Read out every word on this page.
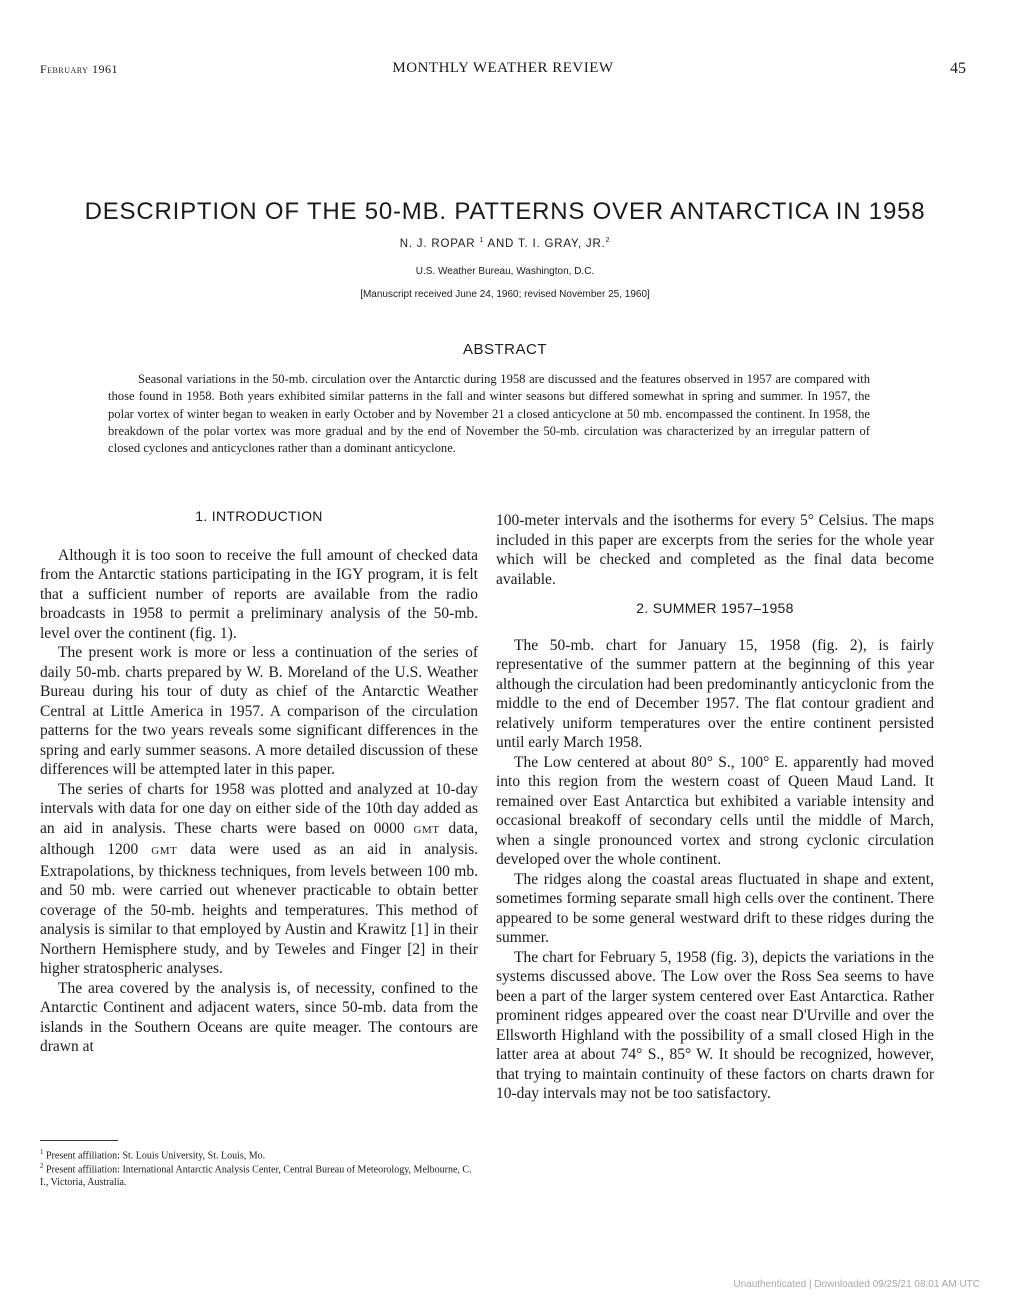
February 1961	MONTHLY WEATHER REVIEW	45
DESCRIPTION OF THE 50-MB. PATTERNS OVER ANTARCTICA IN 1958
N. J. ROPAR $^1$ AND T. I. GRAY, JR.$^2$
U.S. Weather Bureau, Washington, D.C.
[Manuscript received June 24, 1960; revised November 25, 1960]
ABSTRACT
Seasonal variations in the 50-mb. circulation over the Antarctic during 1958 are discussed and the features observed in 1957 are compared with those found in 1958. Both years exhibited similar patterns in the fall and winter seasons but differed somewhat in spring and summer. In 1957, the polar vortex of winter began to weaken in early October and by November 21 a closed anticyclone at 50 mb. encompassed the continent. In 1958, the breakdown of the polar vortex was more gradual and by the end of November the 50-mb. circulation was characterized by an irregular pattern of closed cyclones and anticyclones rather than a dominant anticyclone.
1. INTRODUCTION

Although it is too soon to receive the full amount of checked data from the Antarctic stations participating in the IGY program, it is felt that a sufficient number of reports are available from the radio broadcasts in 1958 to permit a preliminary analysis of the 50-mb. level over the continent (fig. 1).

The present work is more or less a continuation of the series of daily 50-mb. charts prepared by W. B. Moreland of the U.S. Weather Bureau during his tour of duty as chief of the Antarctic Weather Central at Little America in 1957. A comparison of the circulation patterns for the two years reveals some significant differences in the spring and early summer seasons. A more detailed discussion of these differences will be attempted later in this paper.

The series of charts for 1958 was plotted and analyzed at 10-day intervals with data for one day on either side of the 10th day added as an aid in analysis. These charts were based on 0000 GMT data, although 1200 GMT data were used as an aid in analysis. Extrapolations, by thickness techniques, from levels between 100 mb. and 50 mb. were carried out whenever practicable to obtain better coverage of the 50-mb. heights and temperatures. This method of analysis is similar to that employed by Austin and Krawitz [1] in their Northern Hemisphere study, and by Teweles and Finger [2] in their higher stratospheric analyses.

The area covered by the analysis is, of necessity, confined to the Antarctic Continent and adjacent waters, since 50-mb. data from the islands in the Southern Oceans are quite meager. The contours are drawn at

100-meter intervals and the isotherms for every 5° Celsius. The maps included in this paper are excerpts from the series for the whole year which will be checked and completed as the final data become available.

2. SUMMER 1957–1958

The 50-mb. chart for January 15, 1958 (fig. 2), is fairly representative of the summer pattern at the beginning of this year although the circulation had been predominantly anticyclonic from the middle to the end of December 1957. The flat contour gradient and relatively uniform temperatures over the entire continent persisted until early March 1958.

The Low centered at about 80° S., 100° E. apparently had moved into this region from the western coast of Queen Maud Land. It remained over East Antarctica but exhibited a variable intensity and occasional breakoff of secondary cells until the middle of March, when a single pronounced vortex and strong cyclonic circulation developed over the whole continent.

The ridges along the coastal areas fluctuated in shape and extent, sometimes forming separate small high cells over the continent. There appeared to be some general westward drift to these ridges during the summer.

The chart for February 5, 1958 (fig. 3), depicts the variations in the systems discussed above. The Low over the Ross Sea seems to have been a part of the larger system centered over East Antarctica. Rather prominent ridges appeared over the coast near D'Urville and over the Ellsworth Highland with the possibility of a small closed High in the latter area at about 74° S., 85° W. It should be recognized, however, that trying to maintain continuity of these factors on charts drawn for 10-day intervals may not be too satisfactory.

$^1$ Present affiliation: St. Louis University, St. Louis, Mo.
$^2$ Present affiliation: International Antarctic Analysis Center, Central Bureau of Meteorology, Melbourne, C. I., Victoria, Australia.
Unauthenticated | Downloaded 09/25/21 08:01 AM UTC
